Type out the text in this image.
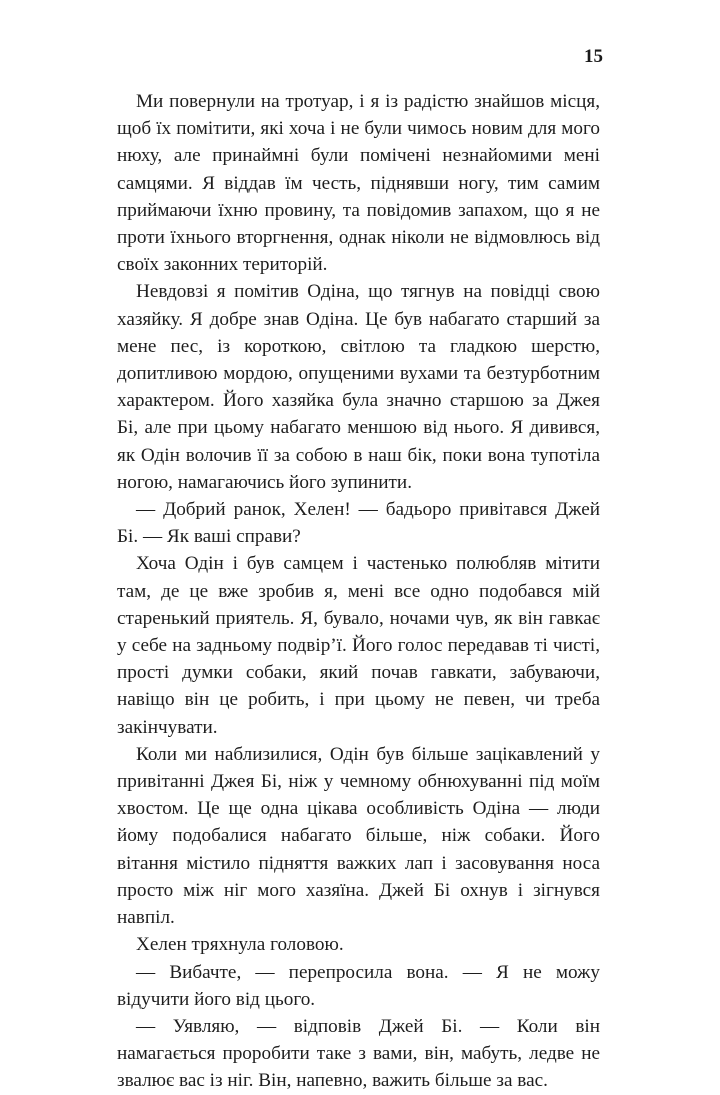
15

Ми повернули на тротуар, і я із радістю знайшов місця, щоб їх помітити, які хоча і не були чимось новим для мого нюху, але принаймні були помічені незнайомими мені самцями. Я віддав їм честь, піднявши ногу, тим самим приймаючи їхню провину, та повідомив запахом, що я не проти їхнього вторгнення, однак ніколи не відмовлюсь від своїх законних територій.

Невдовзі я помітив Одіна, що тягнув на повідці свою хазяйку. Я добре знав Одіна. Це був набагато старший за мене пес, із короткою, світлою та гладкою шерстю, допитливою мордою, опущеними вухами та безтурботним характером. Його хазяйка була значно старшою за Джея Бі, але при цьому набагато меншою від нього. Я дивився, як Одін волочив її за собою в наш бік, поки вона тупотіла ногою, намагаючись його зупинити.

— Добрий ранок, Хелен! — бадьоро привітався Джей Бі. — Як ваші справи?

Хоча Одін і був самцем і частенько полюбляв мітити там, де це вже зробив я, мені все одно подобався мій старенький приятель. Я, бувало, ночами чув, як він гавкає у себе на задньому подвір’ї. Його голос передавав ті чисті, прості думки собаки, який почав гавкати, забуваючи, навіщо він це робить, і при цьому не певен, чи треба закінчувати.

Коли ми наблизилися, Одін був більше зацікавлений у привітанні Джея Бі, ніж у чемному обнюхуванні під моїм хвостом. Це ще одна цікава особливість Одіна — люди йому подобалися набагато більше, ніж собаки. Його вітання містило підняття важких лап і засовування носа просто між ніг мого хазяїна. Джей Бі охнув і зігнувся навпіл.

Хелен тряхнула головою.

— Вибачте, — перепросила вона. — Я не можу відучити його від цього.

— Уявляю, — відповів Джей Бі. — Коли він намагається проробити таке з вами, він, мабуть, ледве не звалює вас із ніг. Він, напевно, важить більше за вас.
